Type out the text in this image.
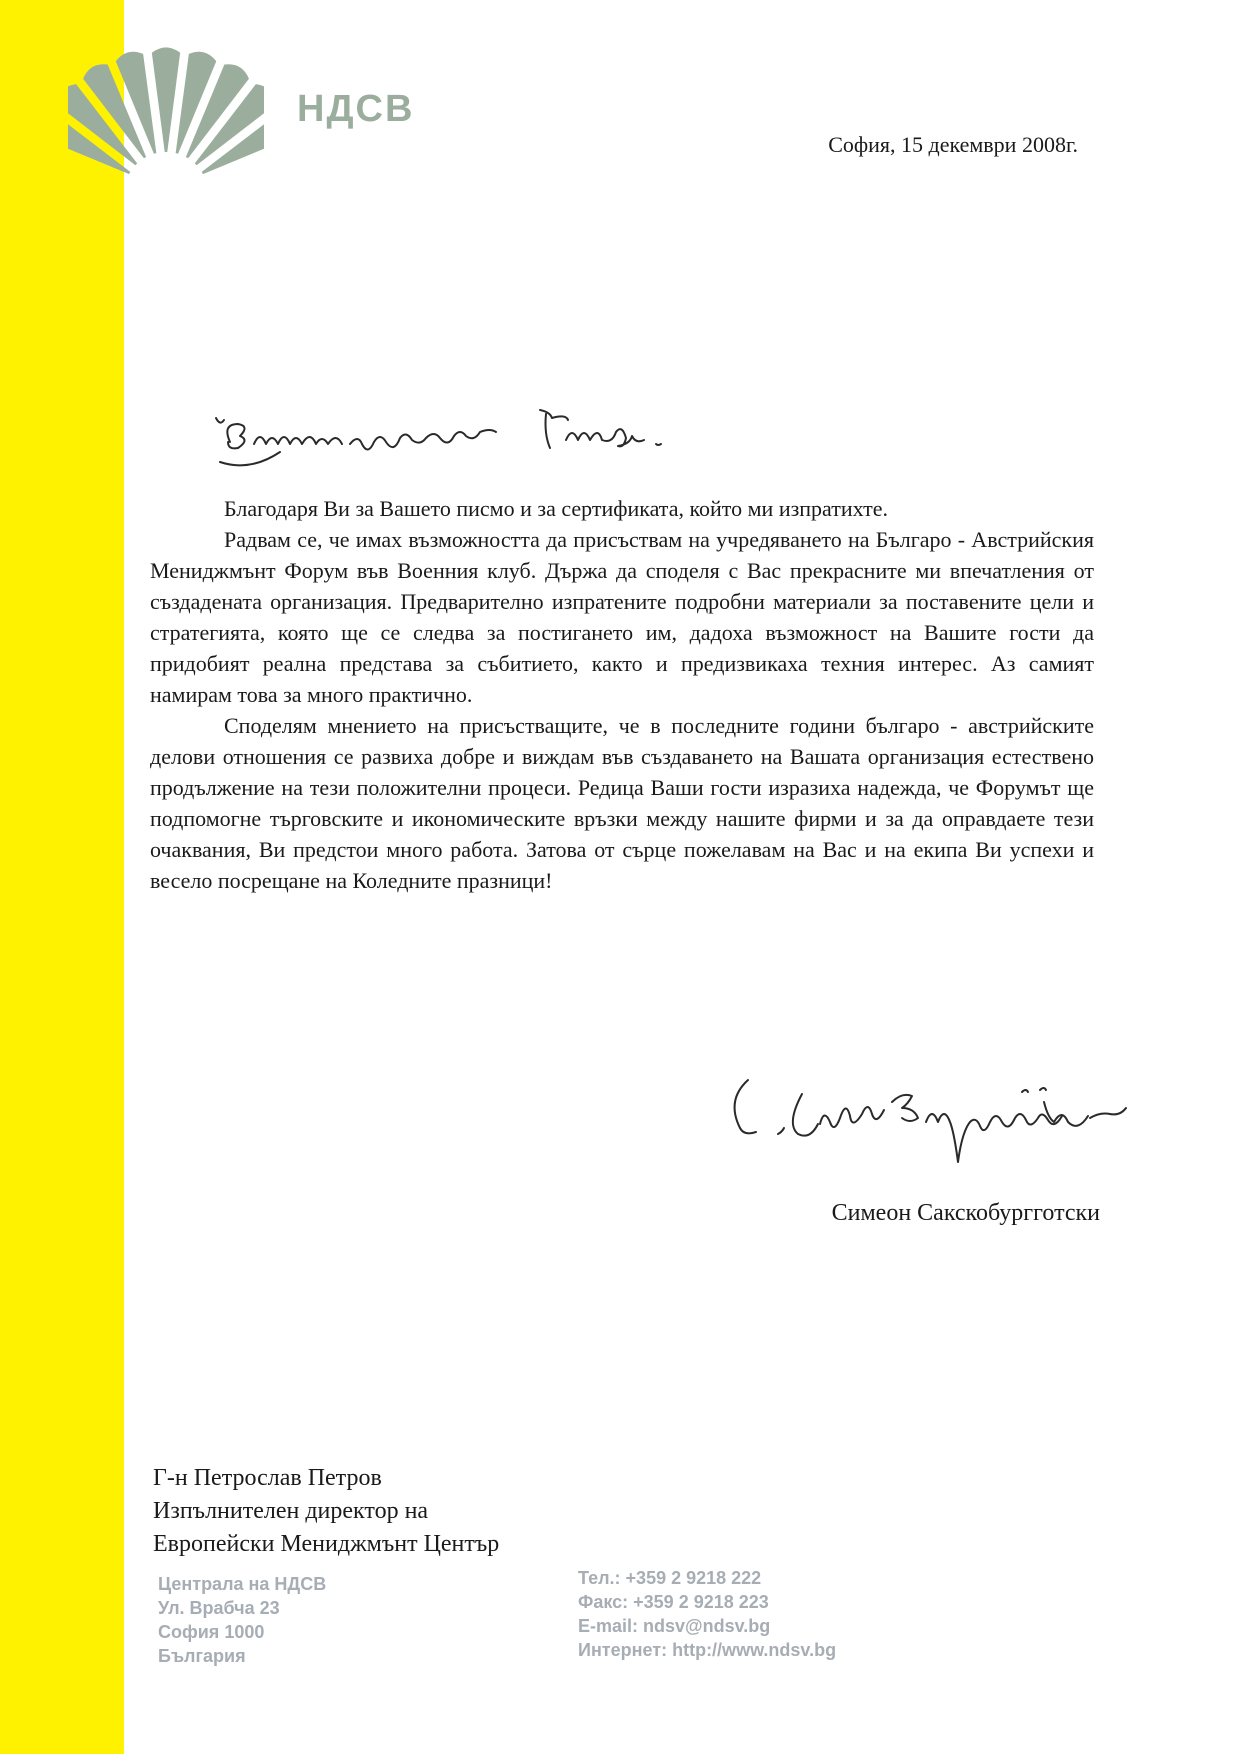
НДСВ
София, 15 декември 2008г.

Благодаря Ви за Вашето писмо и за сертификата, който ми изпратихте.

Радвам се, че имах възможността да присъствам на учредяването на Българо - Австрийския Мениджмънт Форум във Военния клуб. Държа да споделя с Вас прекрасните ми впечатления от създадената организация. Предварително изпратените подробни материали за поставените цели и стратегията, която ще се следва за постигането им, дадоха възможност на Вашите гости да придобият реална представа за събитието, както и предизвикаха техния интерес. Аз самият намирам това за много практично.

Споделям мнението на присъстващите, че в последните години българо - австрийските делови отношения се развиха добре и виждам във създаването на Вашата организация естествено продължение на тези положителни процеси. Редица Ваши гости изразиха надежда, че Форумът ще подпомогне търговските и икономическите връзки между нашите фирми и за да оправдаете тези очаквания, Ви предстои много работа. Затова от сърце пожелавам на Вас и на екипа Ви успехи и весело посрещане на Коледните празници!

Симеон Сакскобургготски
Г-н Петрослав Петров
Изпълнителен директор на
Европейски Мениджмънт Център
Централа на НДСВ
Ул. Врабча 23
София 1000
България
Тел.: +359 2 9218 222
Факс: +359 2 9218 223
E-mail: ndsv@ndsv.bg
Интернет: http://www.ndsv.bg
